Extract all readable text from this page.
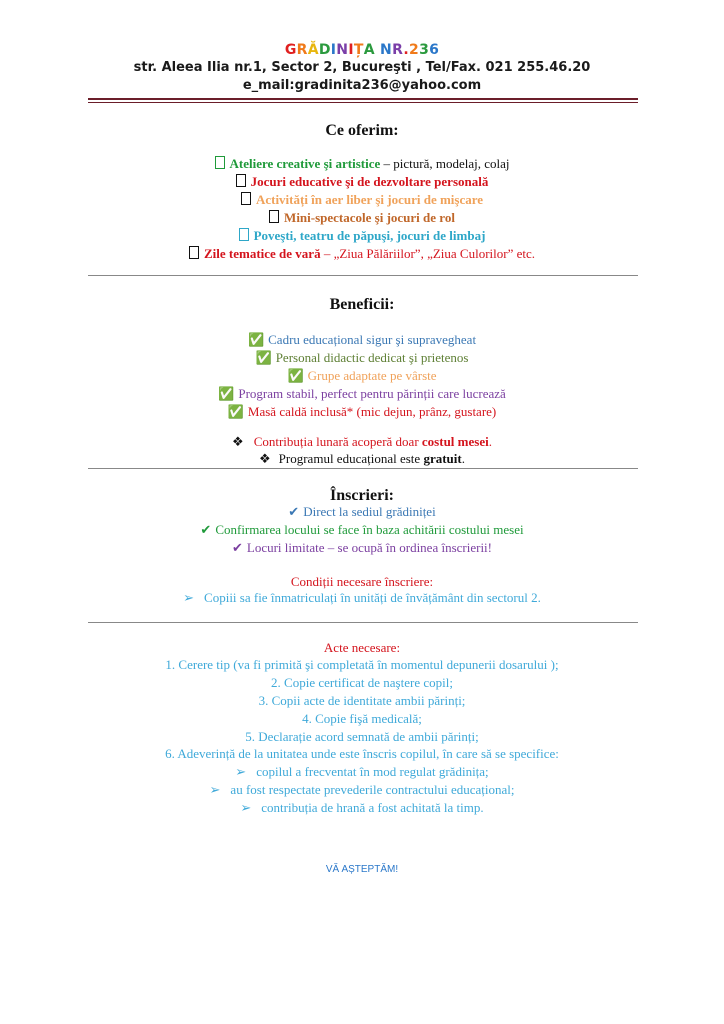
GRĂDINIȚA NR.236
str. Aleea Ilia nr.1, Sector 2, Bucureşti , Tel/Fax. 021 255.46.20
e_mail:gradinita236@yahoo.com
Ce oferim:
Ateliere creative şi artistice – pictură, modelaj, colaj
Jocuri educative şi de dezvoltare personală
Activități în aer liber şi jocuri de mişcare
Mini-spectacole şi jocuri de rol
Poveşti, teatru de păpuşi, jocuri de limbaj
Zile tematice de vară – „Ziua Pălăriilor”, „Ziua Culorilor” etc.
Beneficii:
✅ Cadru educațional sigur şi supravegheat
✅ Personal didactic dedicat şi prietenos
✅ Grupe adaptate pe vârste
✅ Program stabil, perfect pentru părinții care lucrează
✅ Masă caldă inclusă* (mic dejun, prânz, gustare)
❖ Contribuția lunară acoperă doar costul mesei.
❖ Programul educațional este gratuit.
Înscrieri:
✔ Direct la sediul grădiniței
✔ Confirmarea locului se face în baza achitării costului mesei
✔ Locuri limitate – se ocupă în ordinea înscrierii!
Condiții necesare înscriere:
➢ Copiii sa fie înmatriculați în unități de învățământ din sectorul 2.
Acte necesare:
1. Cerere tip (va fi primită şi completată în momentul depunerii dosarului );
2. Copie certificat de naştere copil;
3. Copii acte de identitate ambii părinți;
4. Copie fişă medicală;
5. Declarație acord semnată de ambii părinți;
6. Adeverință de la unitatea unde este înscris copilul, în care să se specifice:
➢ copilul a frecventat în mod regulat grădinița;
➢ au fost respectate prevederile contractului educațional;
➢ contribuția de hrană a fost achitată la timp.
VĂ AȘTEPTĂM!
